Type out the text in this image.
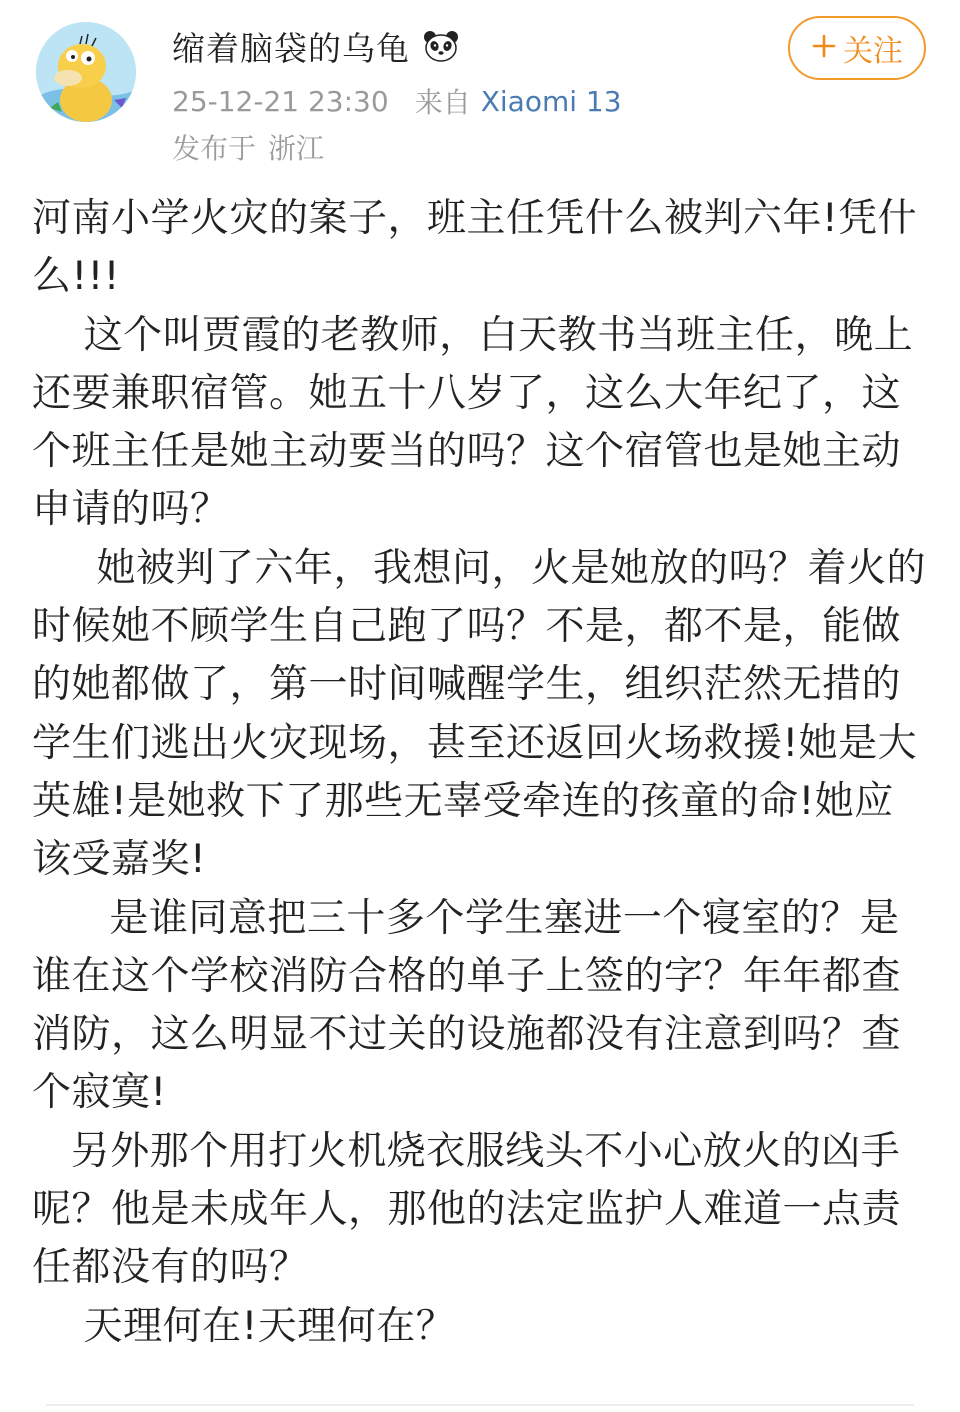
缩着脑袋的乌龟
25-12-21 23:30 来自 Xiaomi 13
发布于 浙江
关注

河南小学火灾的案子，班主任凭什么被判六年!凭什么!!!

这个叫贾霞的老教师，白天教书当班主任，晚上还要兼职宿管。她五十八岁了，这么大年纪了，这个班主任是她主动要当的吗？这个宿管也是她主动申请的吗？

她被判了六年，我想问，火是她放的吗？着火的时候她不顾学生自己跑了吗？不是，都不是，能做的她都做了，第一时间喊醒学生，组织茫然无措的学生们逃出火灾现场，甚至还返回火场救援!她是大英雄!是她救下了那些无辜受牵连的孩童的命!她应该受嘉奖!

是谁同意把三十多个学生塞进一个寝室的？是谁在这个学校消防合格的单子上签的字？年年都查消防，这么明显不过关的设施都没有注意到吗？查个寂寞!

另外那个用打火机烧衣服线头不小心放火的凶手呢？他是未成年人，那他的法定监护人难道一点责任都没有的吗？

天理何在!天理何在？
